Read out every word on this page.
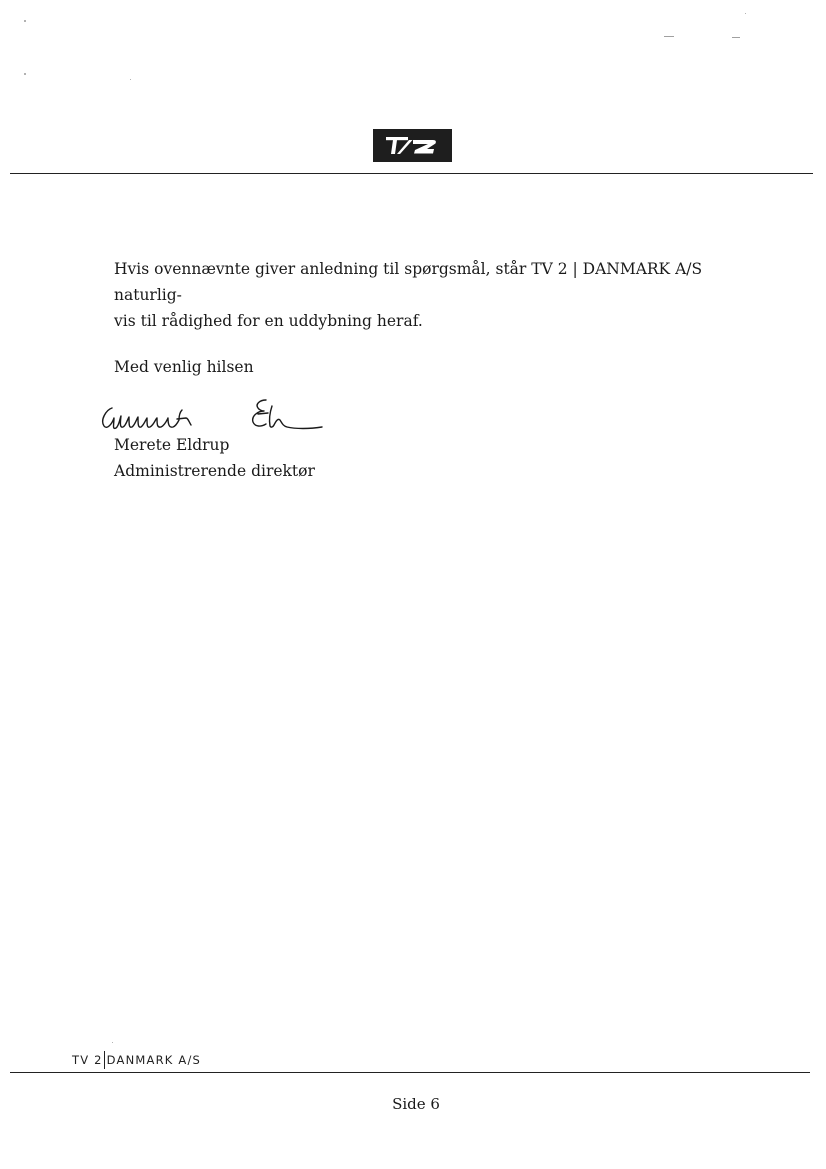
Hvis ovennævnte giver anledning til spørgsmål, står TV 2 | DANMARK A/S naturlig-
vis til rådighed for en uddybning heraf.
Med venlig hilsen
Merete Eldrup
Administrerende direktør
TV 2 DANMARK A/S
Side 6
